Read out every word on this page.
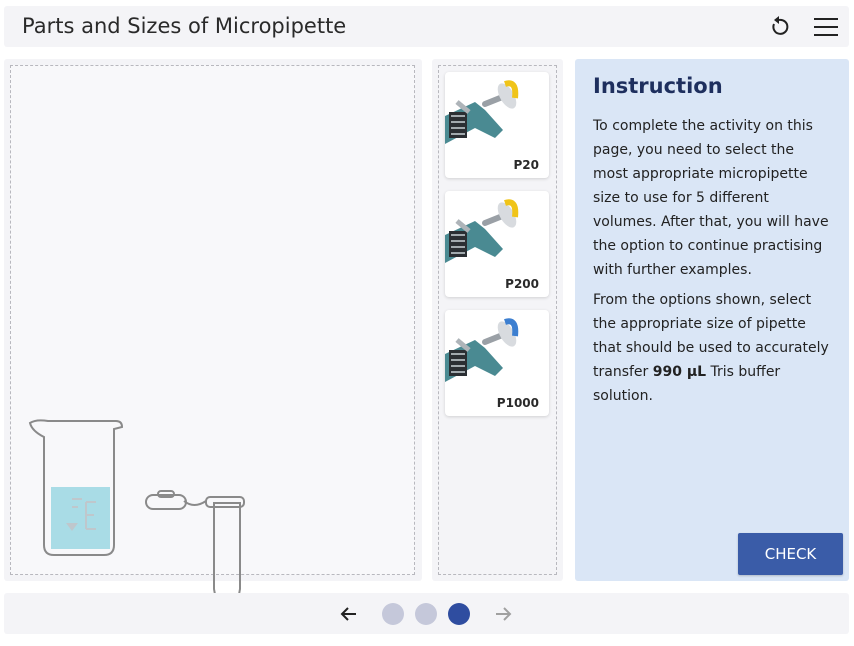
Parts and Sizes of Micropipette
P20
P200
P1000
Instruction

To complete the activity on this page, you need to select the most appropriate micropipette size to use for 5 different volumes. After that, you will have the option to continue practising with further examples.

From the options shown, select the appropriate size of pipette that should be used to accurately transfer 990 μL Tris buffer solution.

CHECK
